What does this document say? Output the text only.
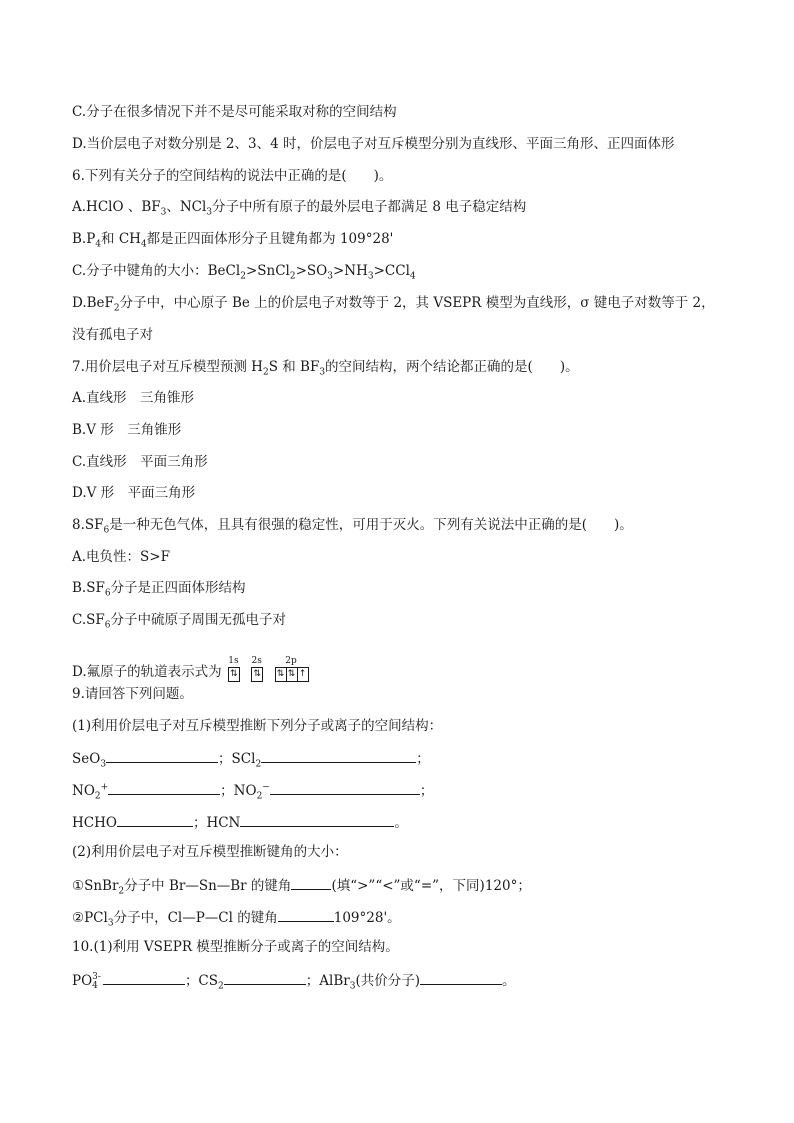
C.分子在很多情况下并不是尽可能采取对称的空间结构
D.当价层电子对数分别是 2、3、4 时，价层电子对互斥模型分别为直线形、平面三角形、正四面体形
6.下列有关分子的空间结构的说法中正确的是(　　)。
A.HClO 、$BF_3$、NCl$_3$分子中所有原子的最外层电子都满足 8 电子稳定结构
$B.P_4$和 $CH_4$都是正四面体形分子且键角都为 109°28'
C.分子中键角的大小：$BeCl_2>SnCl_2>SO_3>NH_3>CCl_4$
D.BeF$_2$分子中，中心原子 Be 上的价层电子对数等于 2，其 VSEPR 模型为直线形，σ 键电子对数等于 2，
没有孤电子对
7.用价层电子对互斥模型预测 $H_2S$ 和 $BF_3$的空间结构，两个结论都正确的是(　　)。
A.直线形　三角锥形
B.V 形　三角锥形
C.直线形　平面三角形
D.V 形　平面三角形
$8.SF_6$是一种无色气体，且具有很强的稳定性，可用于灭火。下列有关说法中正确的是(　　)。
A.电负性：S>F
$B.SF_6$分子是正四面体形结构
$C.SF_6$分子中硫原子周围无孤电子对
D.氟原子的轨道表示式为
1s
⇅

2s
⇅

2p
⇅ ⇅ ↑
9.请回答下列问题。
(1)利用价层电子对互斥模型推断下列分子或离子的空间结构：
SeO$_3$	；SCl$_2$	；
$NO_2^+$	；$NO_2^-$	；
HCHO	；HCN	。
(2)利用价层电子对互斥模型推断键角的大小：
①SnBr$_2$分子中 Br—Sn—Br 的键角	(填“>”“<”或“=”，下同)120°；
②PCl$_3$分子中，Cl—P—Cl 的键角	109°28'。
10.(1)利用 VSEPR 模型推断分子或离子的空间结构。
PO 3-
4	；$CS_2$	；AlBr$_3$(共价分子)	。
